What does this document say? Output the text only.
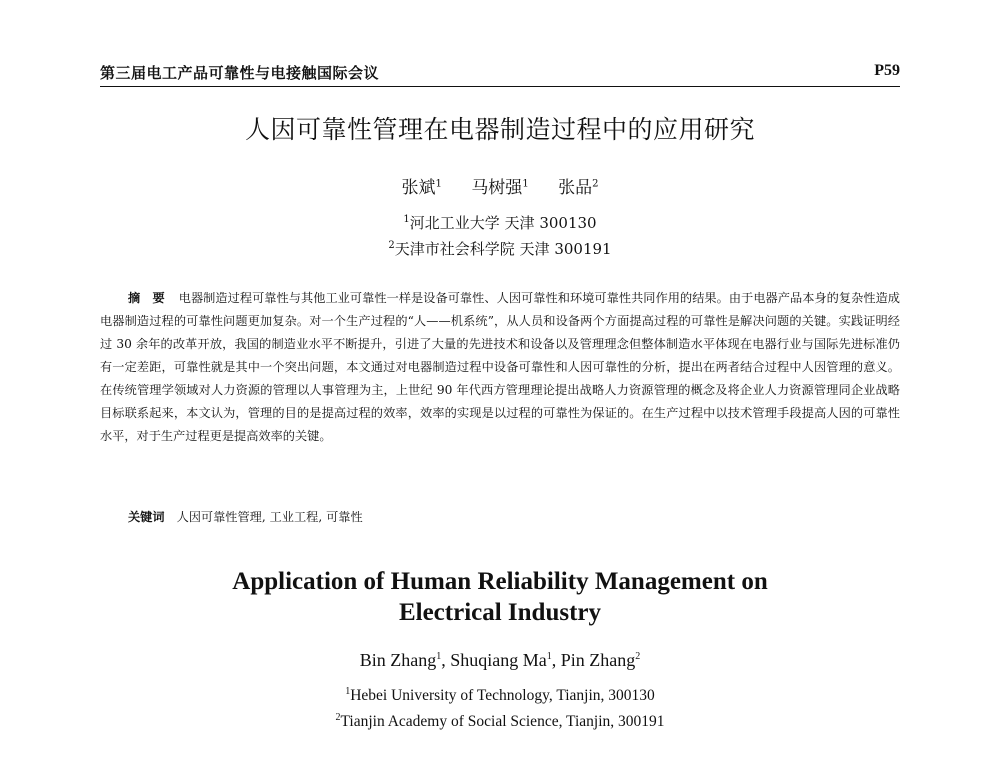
第三届电工产品可靠性与电接触国际会议	P59
人因可靠性管理在电器制造过程中的应用研究
张斌$^1$ 马树强$^1$ 张品$^2$
$^1$河北工业大学 天津 300130
$^2$天津市社会科学院 天津 300191
摘 要 电器制造过程可靠性与其他工业可靠性一样是设备可靠性、人因可靠性和环境可靠性共同作用的结果。由于电器产品本身的复杂性造成电器制造过程的可靠性问题更加复杂。对一个生产过程的“人——机系统”，从人员和设备两个方面提高过程的可靠性是解决问题的关键。实践证明经过 30 余年的改革开放，我国的制造业水平不断提升，引进了大量的先进技术和设备以及管理理念但整体制造水平体现在电器行业与国际先进标准仍有一定差距，可靠性就是其中一个突出问题，本文通过对电器制造过程中设备可靠性和人因可靠性的分析，提出在两者结合过程中人因管理的意义。在传统管理学领域对人力资源的管理以人事管理为主，上世纪 90 年代西方管理理论提出战略人力资源管理的概念及将企业人力资源管理同企业战略目标联系起来，本文认为，管理的目的是提高过程的效率，效率的实现是以过程的可靠性为保证的。在生产过程中以技术管理手段提高人因的可靠性水平，对于生产过程更是提高效率的关键。
关键词 人因可靠性管理, 工业工程, 可靠性
Application of Human Reliability Management on
Electrical Industry
Bin Zhang$^1$, Shuqiang Ma$^1$, Pin Zhang$^2$
$^1$Hebei University of Technology, Tianjin, 300130
$^2$Tianjin Academy of Social Science, Tianjin, 300191
